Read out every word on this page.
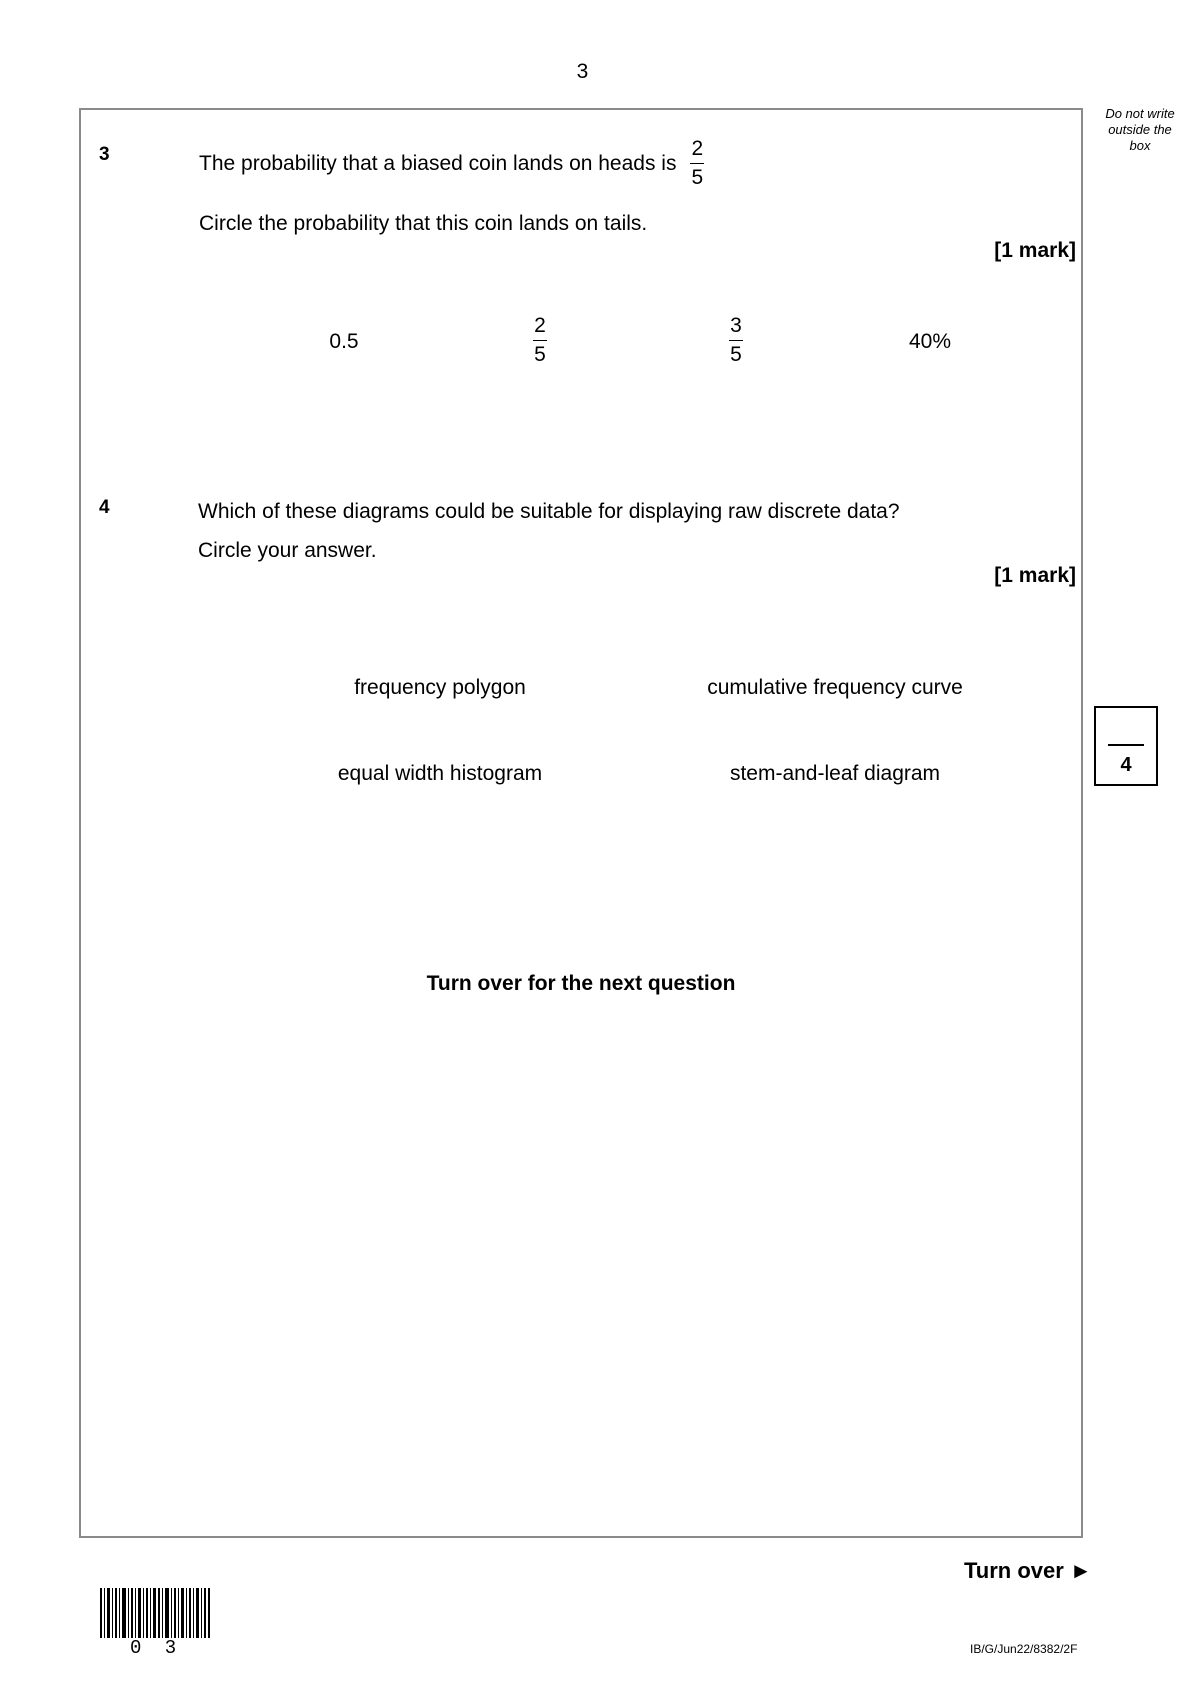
3
Do not write
outside the
box
3	The probability that a biased coin lands on heads is $\frac{2}{5}$
Circle the probability that this coin lands on tails.
[1 mark]
0.5	$\frac{2}{5}$	$\frac{3}{5}$	40%
4	Which of these diagrams could be suitable for displaying raw discrete data?
Circle your answer.
[1 mark]
frequency polygon	cumulative frequency curve
equal width histogram	stem-and-leaf diagram
Turn over for the next question
4
Turn over ►
0 3	IB/G/Jun22/8382/2F
